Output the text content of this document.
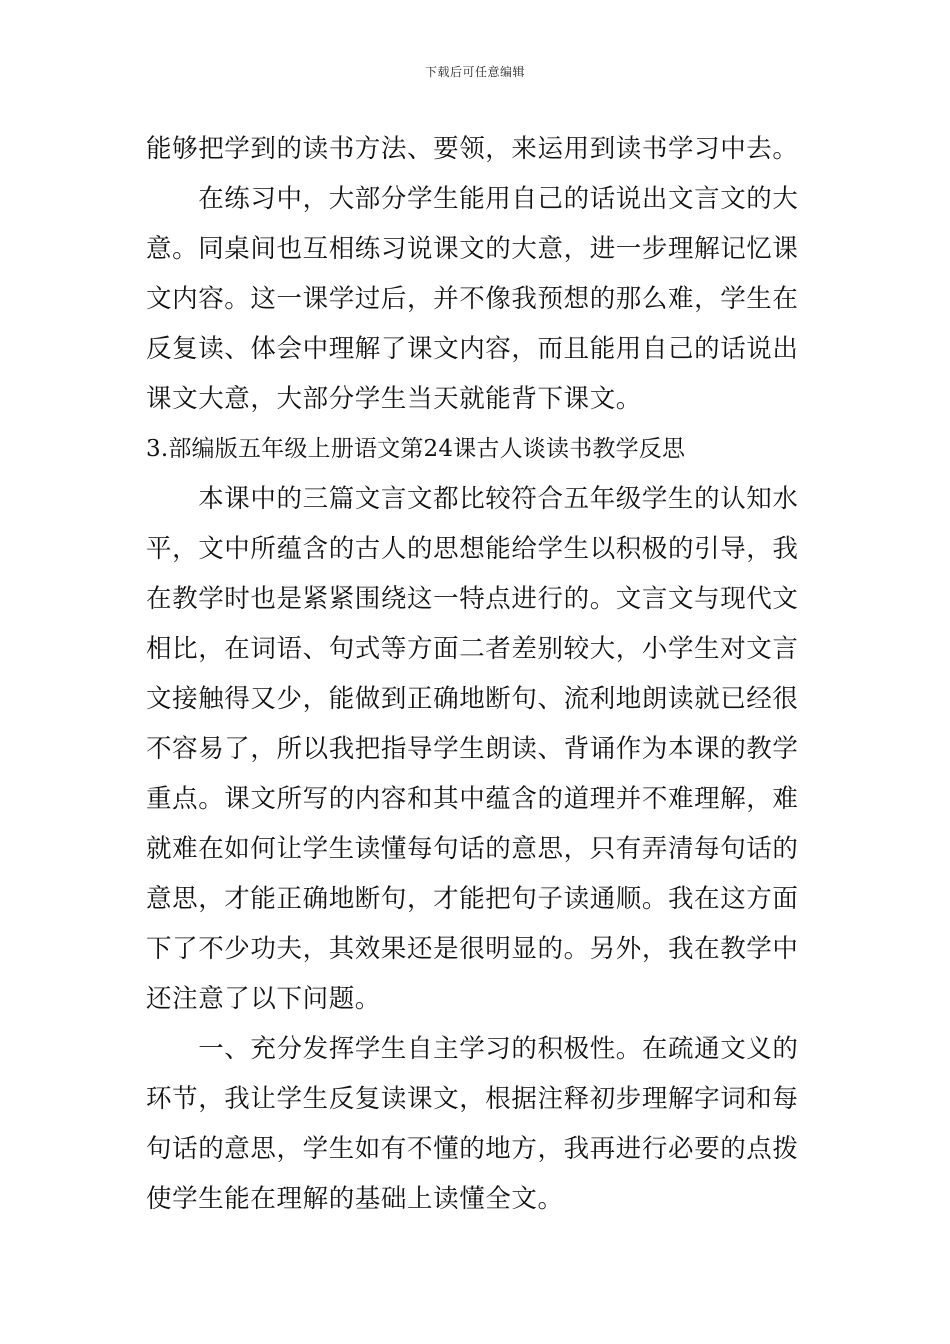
下载后可任意编辑
能够把学到的读书方法、要领，来运用到读书学习中去。
　　在练习中，大部分学生能用自己的话说出文言文的大
意。同桌间也互相练习说课文的大意，进一步理解记忆课
文内容。这一课学过后，并不像我预想的那么难，学生在
反复读、体会中理解了课文内容，而且能用自己的话说出
课文大意，大部分学生当天就能背下课文。
3.部编版五年级上册语文第24课古人谈读书教学反思
　　本课中的三篇文言文都比较符合五年级学生的认知水
平，文中所蕴含的古人的思想能给学生以积极的引导，我
在教学时也是紧紧围绕这一特点进行的。文言文与现代文
相比，在词语、句式等方面二者差别较大，小学生对文言
文接触得又少，能做到正确地断句、流利地朗读就已经很
不容易了，所以我把指导学生朗读、背诵作为本课的教学
重点。课文所写的内容和其中蕴含的道理并不难理解，难
就难在如何让学生读懂每句话的意思，只有弄清每句话的
意思，才能正确地断句，才能把句子读通顺。我在这方面
下了不少功夫，其效果还是很明显的。另外，我在教学中
还注意了以下问题。
　　一、充分发挥学生自主学习的积极性。在疏通文义的
环节，我让学生反复读课文，根据注释初步理解字词和每
句话的意思，学生如有不懂的地方，我再进行必要的点拨
使学生能在理解的基础上读懂全文。
